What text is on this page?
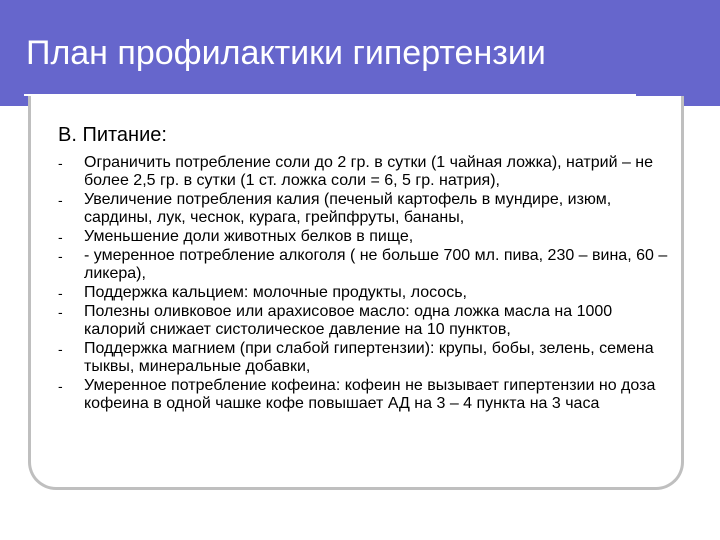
План профилактики гипертензии
В. Питание:
-	Ограничить потребление соли до 2 гр. в сутки (1 чайная ложка), натрий – не более 2,5 гр. в сутки (1 ст. ложка соли = 6, 5 гр. натрия),
-	Увеличение потребления калия (печеный картофель в мундире, изюм, сардины, лук, чеснок, курага, грейпфруты, бананы,
-	Уменьшение доли животных белков в пище,
-	- умеренное потребление алкоголя ( не больше 700 мл. пива, 230 – вина, 60 – ликера),
-	Поддержка кальцием: молочные продукты, лосось,
-	Полезны оливковое или арахисовое масло: одна ложка масла на 1000 калорий снижает систолическое давление на 10 пунктов,
-	Поддержка магнием (при слабой гипертензии): крупы, бобы, зелень, семена тыквы, минеральные добавки,
-	Умеренное потребление кофеина: кофеин не вызывает гипертензии но доза кофеина в одной чашке кофе повышает АД на 3 – 4 пункта на 3 часа
